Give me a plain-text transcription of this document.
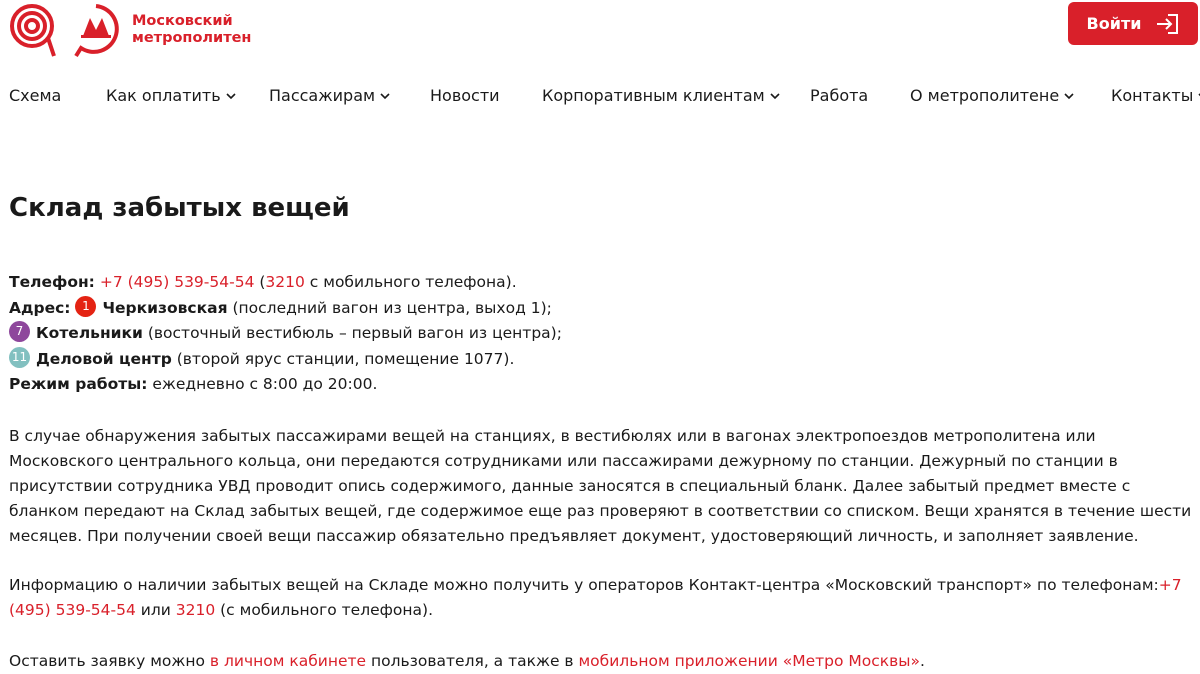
Московский
метрополитен
Войти
Схема	Как оплатить	Пассажирам	Новости	Корпоративным клиентам	Работа	О метрополитене	Контакты
Склад забытых вещей
Телефон: +7 (495) 539-54-54 (3210 с мобильного телефона).
Адрес: 1 Черкизовская (последний вагон из центра, выход 1);
7 Котельники (восточный вестибюль – первый вагон из центра);
11 Деловой центр (второй ярус станции, помещение 1077).
Режим работы: ежедневно с 8:00 до 20:00.
В случае обнаружения забытых пассажирами вещей на станциях, в вестибюлях или в вагонах электропоездов метрополитена или Московского центрального кольца, они передаются сотрудниками или пассажирами дежурному по станции. Дежурный по станции в присутствии сотрудника УВД проводит опись содержимого, данные заносятся в специальный бланк. Далее забытый предмет вместе с бланком передают на Склад забытых вещей, где содержимое еще раз проверяют в соответствии со списком. Вещи хранятся в течение шести месяцев. При получении своей вещи пассажир обязательно предъявляет документ, удостоверяющий личность, и заполняет заявление.
Информацию о наличии забытых вещей на Складе можно получить у операторов Контакт-центра «Московский транспорт» по телефонам:+7 (495) 539-54-54 или 3210 (с мобильного телефона).
Оставить заявку можно в личном кабинете пользователя, а также в мобильном приложении «Метро Москвы».
